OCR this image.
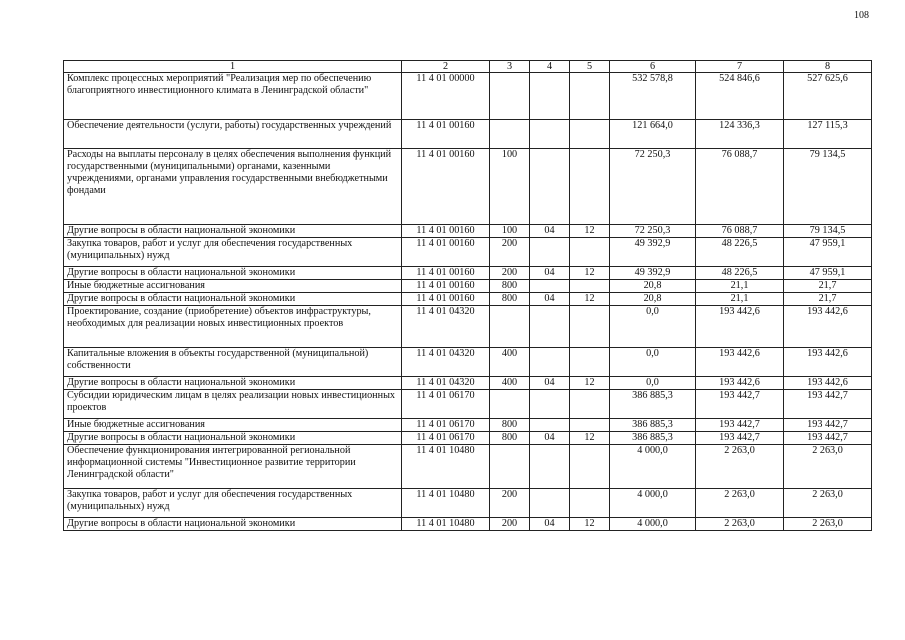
108
1	2	3	4	5	6	7	8
Комплекс процессных мероприятий "Реализация мер по обеспечению благоприятного инвестиционного климата в Ленинградской области"	11 4 01 00000				532 578,8	524 846,6	527 625,6
Обеспечение деятельности (услуги, работы) государственных учреждений	11 4 01 00160				121 664,0	124 336,3	127 115,3
Расходы на выплаты персоналу в целях обеспечения выполнения функций государственными (муниципальными) органами, казенными учреждениями, органами управления государственными внебюджетными фондами	11 4 01 00160	100			72 250,3	76 088,7	79 134,5
Другие вопросы в области национальной экономики	11 4 01 00160	100	04	12	72 250,3	76 088,7	79 134,5
Закупка товаров, работ и услуг для обеспечения государственных (муниципальных) нужд	11 4 01 00160	200			49 392,9	48 226,5	47 959,1
Другие вопросы в области национальной экономики	11 4 01 00160	200	04	12	49 392,9	48 226,5	47 959,1
Иные бюджетные ассигнования	11 4 01 00160	800			20,8	21,1	21,7
Другие вопросы в области национальной экономики	11 4 01 00160	800	04	12	20,8	21,1	21,7
Проектирование, создание (приобретение) объектов инфраструктуры, необходимых для реализации новых инвестиционных проектов	11 4 01 04320				0,0	193 442,6	193 442,6
Капитальные вложения в объекты государственной (муниципальной) собственности	11 4 01 04320	400			0,0	193 442,6	193 442,6
Другие вопросы в области национальной экономики	11 4 01 04320	400	04	12	0,0	193 442,6	193 442,6
Субсидии юридическим лицам в целях реализации новых инвестиционных проектов	11 4 01 06170				386 885,3	193 442,7	193 442,7
Иные бюджетные ассигнования	11 4 01 06170	800			386 885,3	193 442,7	193 442,7
Другие вопросы в области национальной экономики	11 4 01 06170	800	04	12	386 885,3	193 442,7	193 442,7
Обеспечение функционирования интегрированной региональной информационной системы "Инвестиционное развитие территории Ленинградской области"	11 4 01 10480				4 000,0	2 263,0	2 263,0
Закупка товаров, работ и услуг для обеспечения государственных (муниципальных) нужд	11 4 01 10480	200			4 000,0	2 263,0	2 263,0
Другие вопросы в области национальной экономики	11 4 01 10480	200	04	12	4 000,0	2 263,0	2 263,0
